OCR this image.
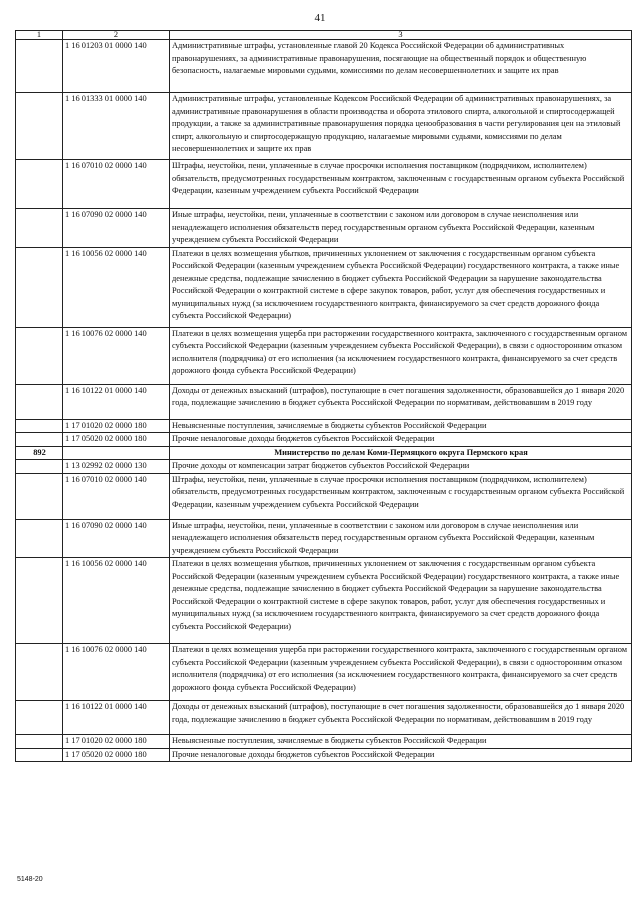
41
1	2	3
	1 16 01203 01 0000 140	Административные штрафы, установленные главой 20 Кодекса Российской Федерации об административных правонарушениях, за административные правонарушения, посягающие на общественный порядок и общественную безопасность, налагаемые мировыми судьями, комиссиями по делам несовершеннолетних и защите их прав
	1 16 01333 01 0000 140	Административные штрафы, установленные Кодексом Российской Федерации об административных правонарушениях, за административные правонарушения в области производства и оборота этилового спирта, алкогольной и спиртосодержащей продукции, а также за административные правонарушения порядка ценообразования в части регулирования цен на этиловый спирт, алкогольную и спиртосодержащую продукцию, налагаемые мировыми судьями, комиссиями по делам несовершеннолетних и защите их прав
	1 16 07010 02 0000 140	Штрафы, неустойки, пени, уплаченные в случае просрочки исполнения поставщиком (подрядчиком, исполнителем) обязательств, предусмотренных государственным контрактом, заключенным с государственным органом субъекта Российской Федерации, казенным учреждением субъекта Российской Федерации
	1 16 07090 02 0000 140	Иные штрафы, неустойки, пени, уплаченные в соответствии с законом или договором в случае неисполнения или ненадлежащего исполнения обязательств перед государственным органом субъекта Российской Федерации, казенным учреждением субъекта Российской Федерации
	1 16 10056 02 0000 140	Платежи в целях возмещения убытков, причиненных уклонением от заключения с государственным органом субъекта Российской Федерации (казенным учреждением субъекта Российской Федерации) государственного контракта, а также иные денежные средства, подлежащие зачислению в бюджет субъекта Российской Федерации за нарушение законодательства Российской Федерации о контрактной системе в сфере закупок товаров, работ, услуг для обеспечения государственных и муниципальных нужд (за исключением государственного контракта, финансируемого за счет средств дорожного фонда субъекта Российской Федерации)
	1 16 10076 02 0000 140	Платежи в целях возмещения ущерба при расторжении государственного контракта, заключенного с государственным органом субъекта Российской Федерации (казенным учреждением субъекта Российской Федерации), в связи с односторонним отказом исполнителя (подрядчика) от его исполнения (за исключением государственного контракта, финансируемого за счет средств дорожного фонда субъекта Российской Федерации)
	1 16 10122 01 0000 140	Доходы от денежных взысканий (штрафов), поступающие в счет погашения задолженности, образовавшейся до 1 января 2020 года, подлежащие зачислению в бюджет субъекта Российской Федерации по нормативам, действовавшим в 2019 году
	1 17 01020 02 0000 180	Невыясненные поступления, зачисляемые в бюджеты субъектов Российской Федерации
	1 17 05020 02 0000 180	Прочие неналоговые доходы бюджетов субъектов Российской Федерации
892		Министерство по делам Коми-Пермяцкого округа Пермского края
	1 13 02992 02 0000 130	Прочие доходы от компенсации затрат бюджетов субъектов Российской Федерации
	1 16 07010 02 0000 140	Штрафы, неустойки, пени, уплаченные в случае просрочки исполнения поставщиком (подрядчиком, исполнителем) обязательств, предусмотренных государственным контрактом, заключенным с государственным органом субъекта Российской Федерации, казенным учреждением субъекта Российской Федерации
	1 16 07090 02 0000 140	Иные штрафы, неустойки, пени, уплаченные в соответствии с законом или договором в случае неисполнения или ненадлежащего исполнения обязательств перед государственным органом субъекта Российской Федерации, казенным учреждением субъекта Российской Федерации
	1 16 10056 02 0000 140	Платежи в целях возмещения убытков, причиненных уклонением от заключения с государственным органом субъекта Российской Федерации (казенным учреждением субъекта Российской Федерации) государственного контракта, а также иные денежные средства, подлежащие зачислению в бюджет субъекта Российской Федерации за нарушение законодательства Российской Федерации о контрактной системе в сфере закупок товаров, работ, услуг для обеспечения государственных и муниципальных нужд (за исключением государственного контракта, финансируемого за счет средств дорожного фонда субъекта Российской Федерации)
	1 16 10076 02 0000 140	Платежи в целях возмещения ущерба при расторжении государственного контракта, заключенного с государственным органом субъекта Российской Федерации (казенным учреждением субъекта Российской Федерации), в связи с односторонним отказом исполнителя (подрядчика) от его исполнения (за исключением государственного контракта, финансируемого за счет средств дорожного фонда субъекта Российской Федерации)
	1 16 10122 01 0000 140	Доходы от денежных взысканий (штрафов), поступающие в счет погашения задолженности, образовавшейся до 1 января 2020 года, подлежащие зачислению в бюджет субъекта Российской Федерации по нормативам, действовавшим в 2019 году
	1 17 01020 02 0000 180	Невыясненные поступления, зачисляемые в бюджеты субъектов Российской Федерации
	1 17 05020 02 0000 180	Прочие неналоговые доходы бюджетов субъектов Российской Федерации
5148-20
